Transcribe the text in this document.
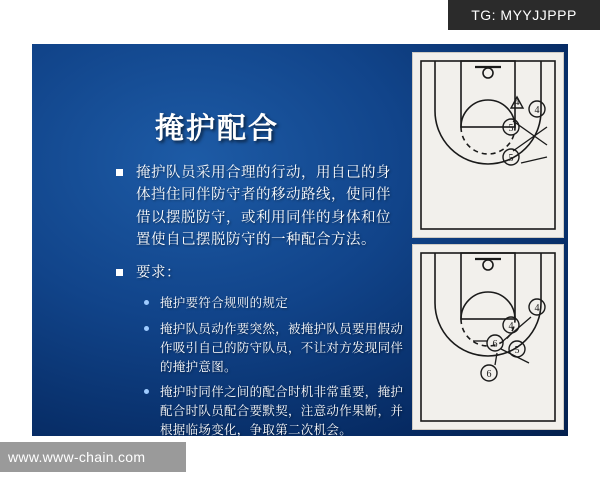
TG: MYYJJPPP
掩护配合
掩护队员采用合理的行动，用自己的身体挡住同伴防守者的移动路线，使同伴借以摆脱防守，或利用同伴的身体和位置使自己摆脱防守的一种配合方法。
要求：
掩护要符合规则的规定
掩护队员动作要突然，被掩护队员要用假动作吸引自己的防守队员，不让对方发现同伴的掩护意图。
掩护时同伴之间的配合时机非常重要，掩护配合时队员配合要默契，注意动作果断，并根据临场变化，争取第二次机会。
4
5
5
4
4
4
6
5
6
www.www-chain.com
